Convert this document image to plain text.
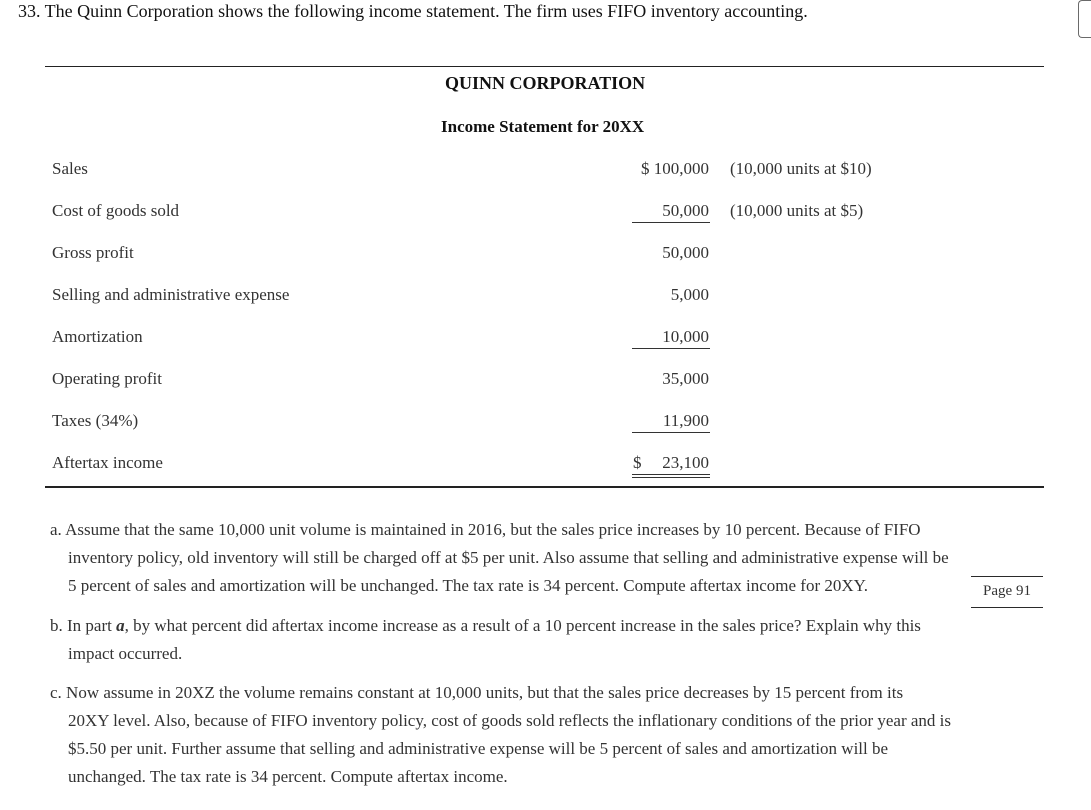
33. The Quinn Corporation shows the following income statement. The firm uses FIFO inventory accounting.
QUINN CORPORATION
Income Statement for 20XX
Sales	$ 100,000 (10,000 units at $10)
Cost of goods sold	50,000 (10,000 units at $5)
Gross profit	50,000
Selling and administrative expense	5,000
Amortization	10,000
Operating profit	35,000
Taxes (34%)	11,900
Aftertax income	$ 23,100
a. Assume that the same 10,000 unit volume is maintained in 2016, but the sales price increases by 10 percent. Because of FIFO
inventory policy, old inventory will still be charged off at $5 per unit. Also assume that selling and administrative expense will be
5 percent of sales and amortization will be unchanged. The tax rate is 34 percent. Compute aftertax income for 20XY.	Page 91
b. In part a, by what percent did aftertax income increase as a result of a 10 percent increase in the sales price? Explain why this
impact occurred.
c. Now assume in 20XZ the volume remains constant at 10,000 units, but that the sales price decreases by 15 percent from its
20XY level. Also, because of FIFO inventory policy, cost of goods sold reflects the inflationary conditions of the prior year and is
$5.50 per unit. Further assume that selling and administrative expense will be 5 percent of sales and amortization will be
unchanged. The tax rate is 34 percent. Compute aftertax income.
